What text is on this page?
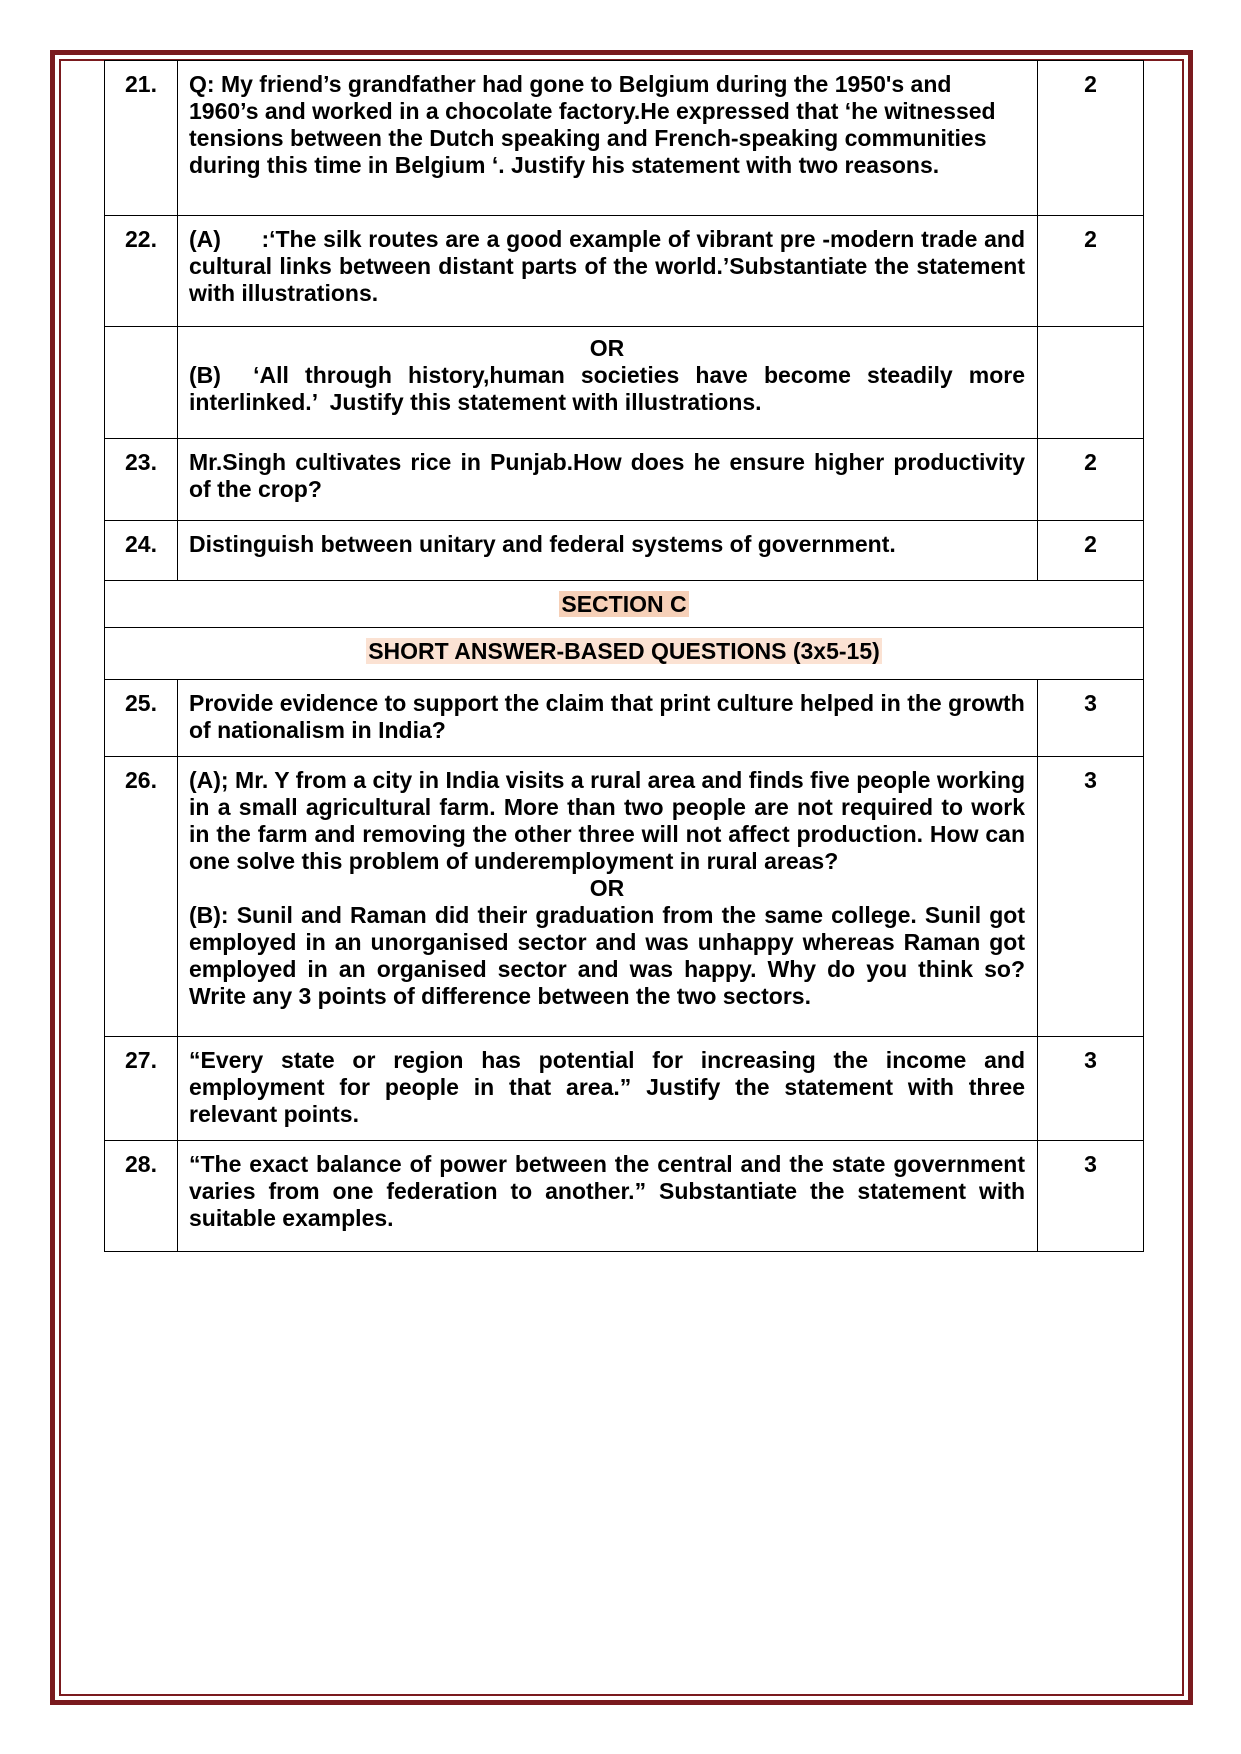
21.	Q: My friend’s grandfather had gone to Belgium during the 1950's and 1960’s and worked in a chocolate factory.He expressed that ‘he witnessed tensions between the Dutch speaking and French-speaking communities during this time in Belgium ‘. Justify his statement with two reasons.	2
22.	(A)      :‘The silk routes are a good example of vibrant pre -modern trade and cultural links between distant parts of the world.’Substantiate the statement with illustrations.	2

	OR
(B)  ‘All through history,human societies have become steadily more interlinked.’  Justify this statement with illustrations.	

23.	Mr.Singh cultivates rice in Punjab.How does he ensure higher productivity of the crop?	2
24.	Distinguish between unitary and federal systems of government.	2
SECTION C		
SHORT ANSWER-BASED QUESTIONS (3x5-15)		
25.	Provide evidence to support the claim that print culture helped in the growth of nationalism in India?	3
26.	(A); Mr. Y from a city in India visits a rural area and finds five people working in a small agricultural farm. More than two people are not required to work in the farm and removing the other three will not affect production. How can one solve this problem of underemployment in rural areas?
OR
(B): Sunil and Raman did their graduation from the same college. Sunil got employed in an unorganised sector and was unhappy whereas Raman got employed in an organised sector and was happy. Why do you think so? Write any 3 points of difference between the two sectors.	3
27.	“Every state or region has potential for increasing the income and employment for people in that area.” Justify the statement with three relevant points.	3
28.	“The exact balance of power between the central and the state government varies from one federation to another.” Substantiate the statement with suitable examples.	3
